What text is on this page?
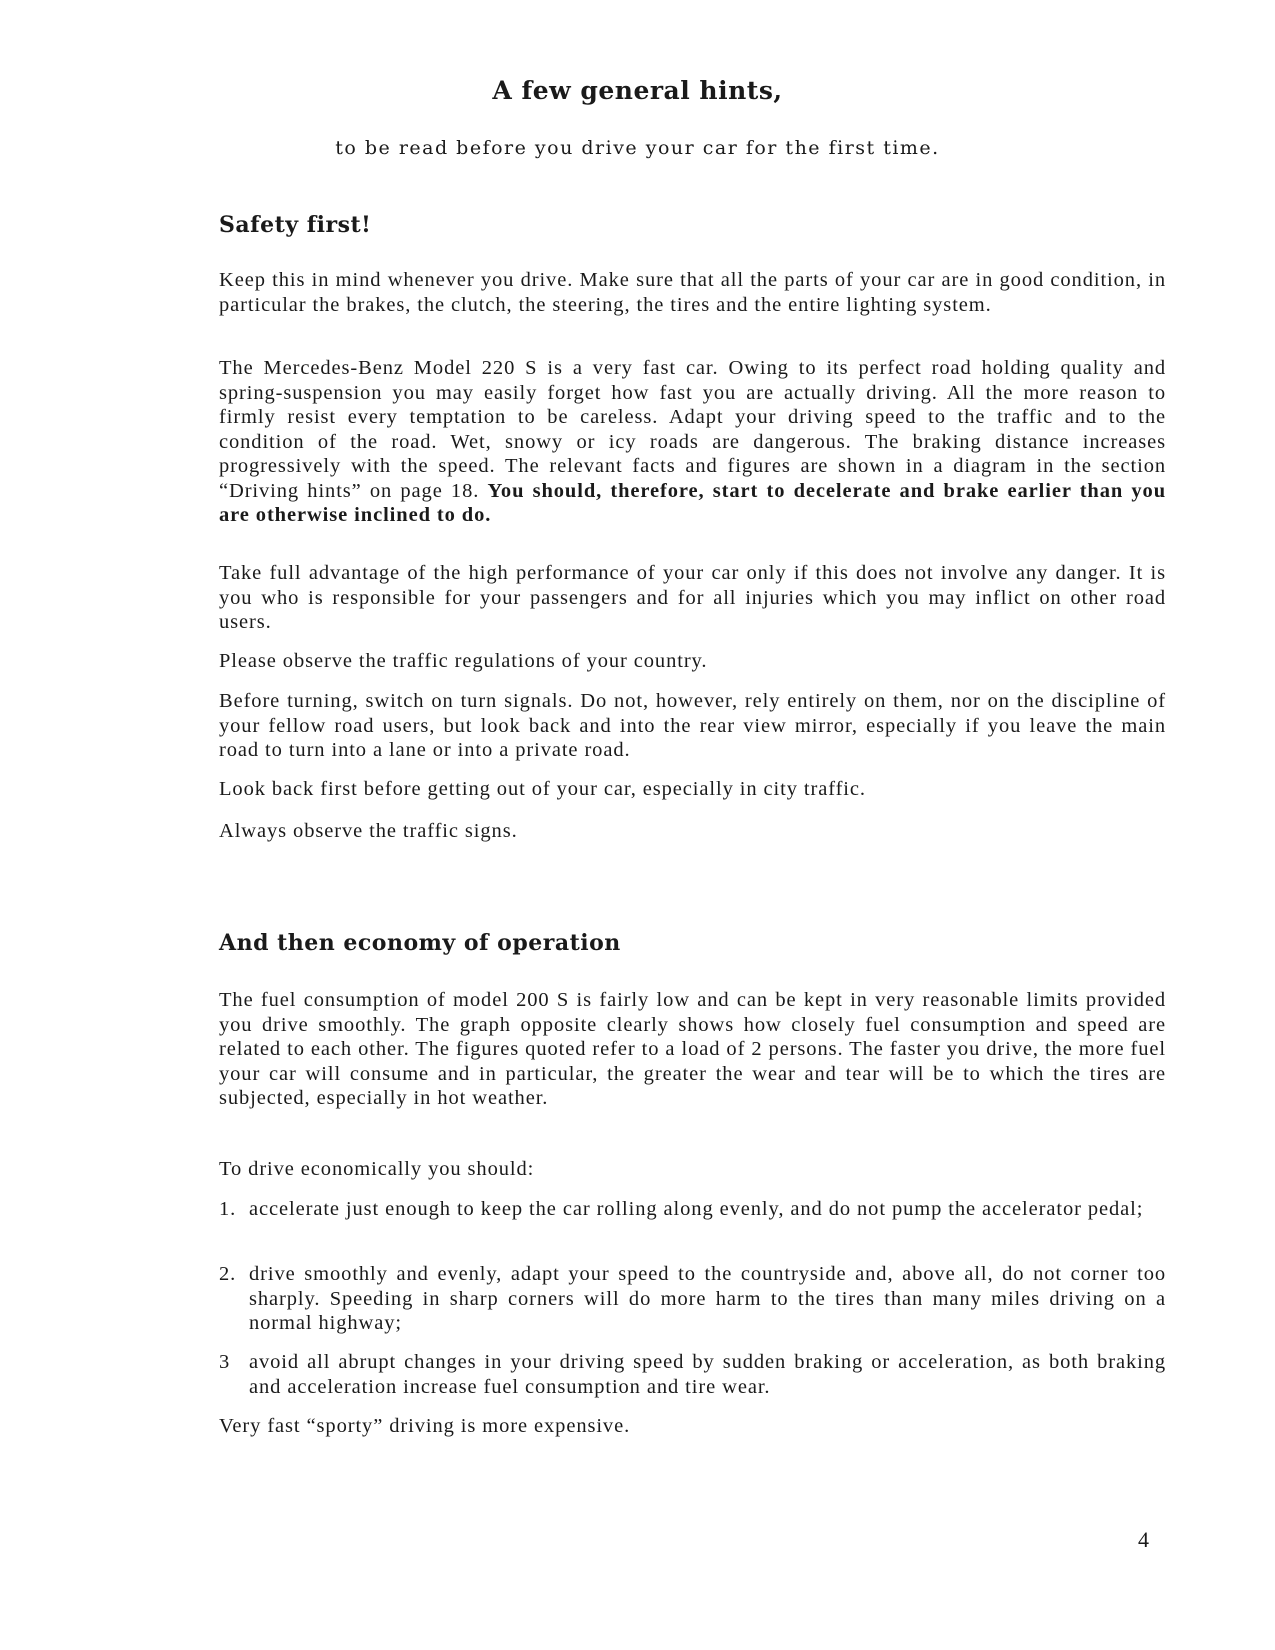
A few general hints,

to be read before you drive your car for the first time.

Safety first!

Keep this in mind whenever you drive. Make sure that all the parts of your car are in good condition, in particular the brakes, the clutch, the steering, the tires and the entire lighting system.

The Mercedes-Benz Model 220 S is a very fast car. Owing to its perfect road holding quality and spring-suspension you may easily forget how fast you are actually driving. All the more reason to firmly resist every temptation to be careless. Adapt your driving speed to the traffic and to the condition of the road. Wet, snowy or icy roads are dangerous. The braking distance increases progressively with the speed. The relevant facts and figures are shown in a diagram in the section “Driving hints” on page 18. You should, therefore, start to decelerate and brake earlier than you are otherwise inclined to do.

Take full advantage of the high performance of your car only if this does not involve any danger. It is you who is responsible for your passengers and for all injuries which you may inflict on other road users.

Please observe the traffic regulations of your country.

Before turning, switch on turn signals. Do not, however, rely entirely on them, nor on the discipline of your fellow road users, but look back and into the rear view mirror, especially if you leave the main road to turn into a lane or into a private road.

Look back first before getting out of your car, especially in city traffic.

Always observe the traffic signs.

And then economy of operation

The fuel consumption of model 200 S is fairly low and can be kept in very reasonable limits provided you drive smoothly. The graph opposite clearly shows how closely fuel consumption and speed are related to each other. The figures quoted refer to a load of 2 persons. The faster you drive, the more fuel your car will consume and in particular, the greater the wear and tear will be to which the tires are subjected, especially in hot weather.

To drive economically you should:

1. accelerate just enough to keep the car rolling along evenly, and do not pump the accelerator pedal;
2. drive smoothly and evenly, adapt your speed to the countryside and, above all, do not corner too sharply. Speeding in sharp corners will do more harm to the tires than many miles driving on a normal highway;
3 avoid all abrupt changes in your driving speed by sudden braking or acceleration, as both braking and acceleration increase fuel consumption and tire wear.

Very fast “sporty” driving is more expensive.

4
